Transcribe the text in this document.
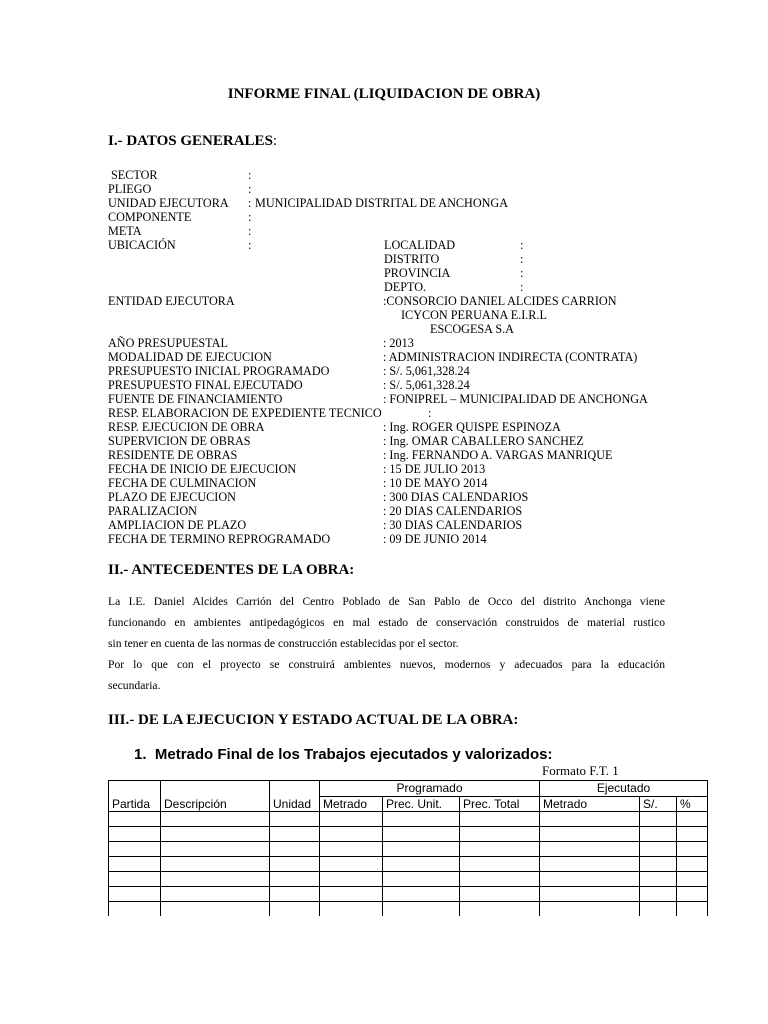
INFORME FINAL (LIQUIDACION DE OBRA)
I.- DATOS GENERALES:
SECTOR	:
PLIEGO	:
UNIDAD EJECUTORA : MUNICIPALIDAD DISTRITAL DE ANCHONGA
COMPONENTE	:
META	:
UBICACIÓN	:	LOCALIDAD	:
DISTRITO	:
PROVINCIA	:
DEPTO.	:
ENTIDAD EJECUTORA	:CONSORCIO DANIEL ALCIDES CARRION
ICYCON PERUANA E.I.R.L
ESCOGESA S.A
AÑO PRESUPUESTAL	: 2013
MODALIDAD DE EJECUCION	: ADMINISTRACION INDIRECTA (CONTRATA)
PRESUPUESTO INICIAL PROGRAMADO	: S/. 5,061,328.24
PRESUPUESTO FINAL EJECUTADO	: S/. 5,061,328.24
FUENTE DE FINANCIAMIENTO	: FONIPREL – MUNICIPALIDAD DE ANCHONGA
RESP. ELABORACION DE EXPEDIENTE TECNICO	:
RESP. EJECUCION DE OBRA	: Ing. ROGER QUISPE ESPINOZA
SUPERVICION DE OBRAS	: Ing. OMAR CABALLERO SANCHEZ
RESIDENTE DE OBRAS	: Ing. FERNANDO A. VARGAS MANRIQUE
FECHA DE INICIO DE EJECUCION	: 15 DE JULIO 2013
FECHA DE CULMINACION	: 10 DE MAYO 2014
PLAZO DE EJECUCION	: 300 DIAS CALENDARIOS
PARALIZACION	: 20 DIAS CALENDARIOS
AMPLIACION DE PLAZO	: 30 DIAS CALENDARIOS
FECHA DE TERMINO REPROGRAMADO	: 09 DE JUNIO 2014
II.- ANTECEDENTES DE LA OBRA:
La I.E. Daniel Alcides Carrión del Centro Poblado de San Pablo de Occo del distrito Anchonga viene
funcionando en ambientes antipedagógicos en mal estado de conservación construidos de material rustico
sin tener en cuenta de las normas de construcción establecidas por el sector.
Por lo que con el proyecto se construirá ambientes nuevos, modernos y adecuados para la educación
secundaria.
III.- DE LA EJECUCION Y ESTADO ACTUAL DE LA OBRA:
1. Metrado Final de los Trabajos ejecutados y valorizados:
Formato F.T. 1
Partida	Descripción	Unidad	Programado			Ejecutado		
			Metrado	Prec. Unit.	Prec. Total	Metrado	S/.	%
